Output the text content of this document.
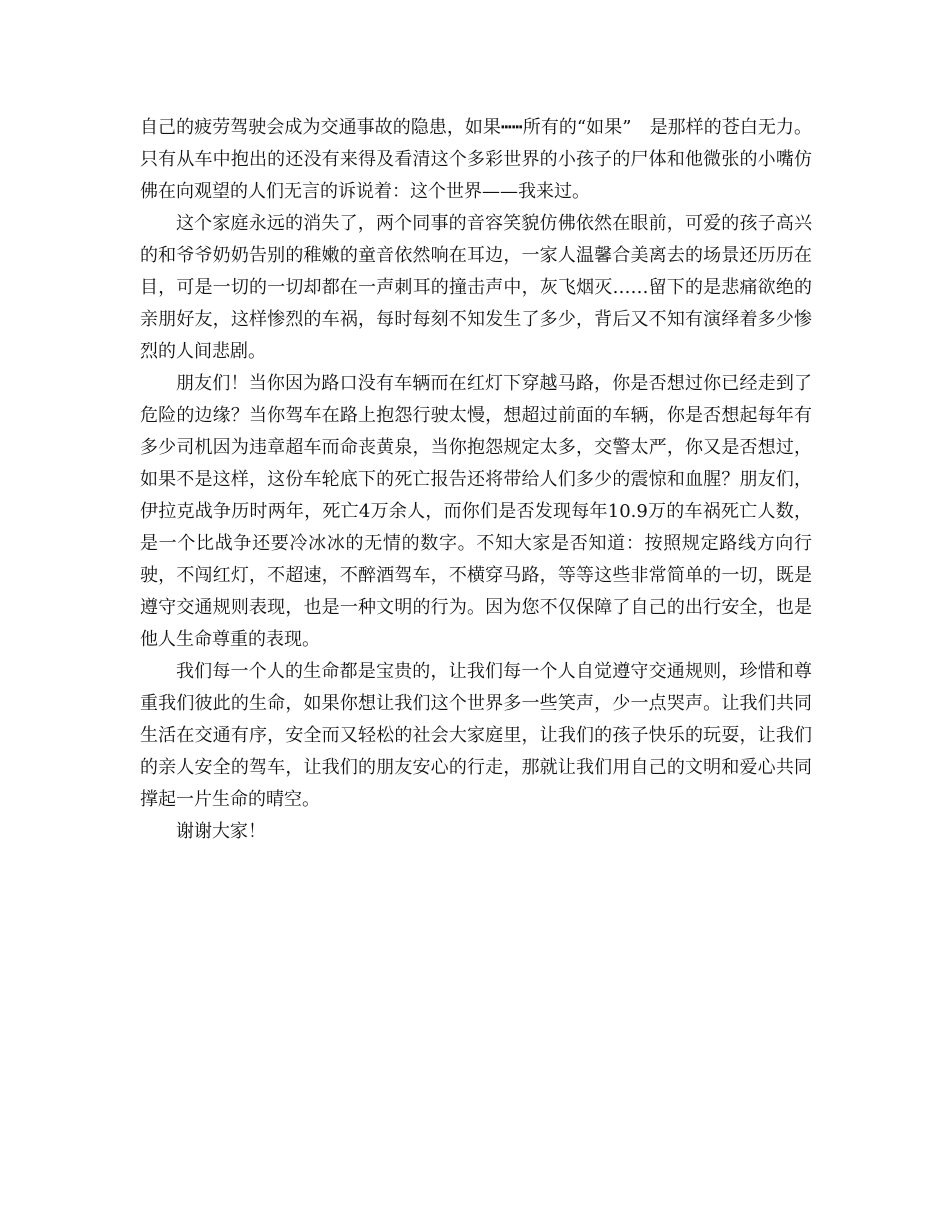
自己的疲劳驾驶会成为交通事故的隐患，如果┅┅所有的“如果”　是那样的苍白无力。只有从车中抱出的还没有来得及看清这个多彩世界的小孩子的尸体和他微张的小嘴仿佛在向观望的人们无言的诉说着：这个世界——我来过。

这个家庭永远的消失了，两个同事的音容笑貌仿佛依然在眼前，可爱的孩子高兴的和爷爷奶奶告别的稚嫩的童音依然响在耳边，一家人温馨合美离去的场景还历历在目，可是一切的一切却都在一声刺耳的撞击声中，灰飞烟灭……留下的是悲痛欲绝的亲朋好友，这样惨烈的车祸，每时每刻不知发生了多少，背后又不知有演绎着多少惨烈的人间悲剧。

朋友们！当你因为路口没有车辆而在红灯下穿越马路，你是否想过你已经走到了危险的边缘？当你驾车在路上抱怨行驶太慢，想超过前面的车辆，你是否想起每年有多少司机因为违章超车而命丧黄泉，当你抱怨规定太多，交警太严，你又是否想过，如果不是这样，这份车轮底下的死亡报告还将带给人们多少的震惊和血腥？朋友们，伊拉克战争历时两年，死亡4万余人，而你们是否发现每年10.9万的车祸死亡人数，是一个比战争还要冷冰冰的无情的数字。不知大家是否知道：按照规定路线方向行驶，不闯红灯，不超速，不醉酒驾车，不横穿马路，等等这些非常简单的一切，既是遵守交通规则表现，也是一种文明的行为。因为您不仅保障了自己的出行安全，也是他人生命尊重的表现。

我们每一个人的生命都是宝贵的，让我们每一个人自觉遵守交通规则，珍惜和尊重我们彼此的生命，如果你想让我们这个世界多一些笑声，少一点哭声。让我们共同生活在交通有序，安全而又轻松的社会大家庭里，让我们的孩子快乐的玩耍，让我们的亲人安全的驾车，让我们的朋友安心的行走，那就让我们用自己的文明和爱心共同撑起一片生命的晴空。

谢谢大家！
